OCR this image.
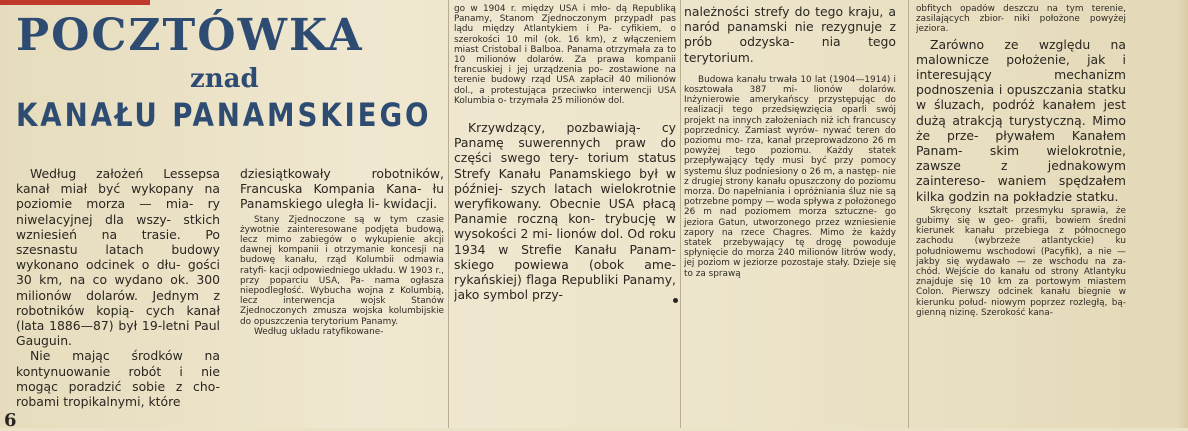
POCZTÓWKA
znad
KANAŁU PANAMSKIEGO

Według założeń Lessepsa kanał miał być wykopany na poziomie morza — mia- ry niwelacyjnej dla wszy- stkich wzniesień na trasie. Po szesnastu latach budowy wykonano odcinek o dłu- gości 30 km, na co wydano ok. 300 milionów dolarów. Jednym z robotników kopią- cych kanał (lata 1886—87) był 19-letni Paul Gauguin.

Nie mając środków na kontynuowanie robót i nie mogąc poradzić sobie z cho- robami tropikalnymi, które

dziesiątkowały robotników, Francuska Kompania Kana- łu Panamskiego uległa li- kwidacji.

Stany Zjednoczone są w tym czasie żywotnie zainteresowane podjęta budową, lecz mimo zabiegów o wykupienie akcji dawnej kompanii i otrzymanie koncesji na budowę kanału, rząd Kolumbii odmawia ratyfi- kacji odpowiedniego układu. W 1903 r., przy poparciu USA, Pa- nama ogłasza niepodległość. Wybucha wojna z Kolumbią, lecz interwencja wojsk Stanów Zjednoczonych zmusza wojska kolumbijskie do opuszczenia terytorium Panamy.

Według układu ratyfikowane-

go w 1904 r. między USA i mło- dą Republiką Panamy, Stanom Zjednoczonym przypadł pas lądu między Atlantykiem i Pa- cyfikiem, o szerokości 10 mil (ok. 16 km), z włączeniem miast Cristobal i Balboa. Panama otrzymała za to 10 milionów dolarów. Za prawa kompanii francuskiej i jej urządzenia po- zostawione na terenie budowy rząd USA zapłacił 40 milionów dol., a protestująca przeciwko interwencji USA Kolumbia o- trzymała 25 milionów dol.

Krzywdzący, pozbawiają- cy Panamę suwerennych praw do części swego tery- torium status Strefy Kanału Panamskiego był w później- szych latach wielokrotnie weryfikowany. Obecnie USA płacą Panamie roczną kon- trybucję w wysokości 2 mi- lionów dol. Od roku 1934 w Strefie Kanału Panam- skiego powiewa (obok ame- rykańskiej) flaga Republiki Panamy, jako symbol przy-

należności strefy do tego kraju, a naród panamski nie rezygnuje z prób odzyska- nia tego terytorium.

Budowa kanału trwała 10 lat (1904—1914) i kosztowała 387 mi- lionów dolarów. Inżynierowie amerykańscy przystępując do realizacji tego przedsięwzięcia oparli swój projekt na innych założeniach niż ich francuscy poprzednicy. Zamiast wyrów- nywać teren do poziomu mo- rza, kanał przeprowadzono 26 m powyżej tego poziomu. Każdy statek przepływający tędy musi być przy pomocy systemu śluz podniesiony o 26 m, a następ- nie z drugiej strony kanału opuszczony do poziomu morza. Do napełniania i opróżniania śluz nie są potrzebne pompy — woda spływa z położonego 26 m nad poziomem morza sztuczne- go jeziora Gatun, utworzonego przez wzniesienie zapory na rzece Chagres. Mimo że każdy statek przebywający tę drogę powoduje spłynięcie do morza 240 milionów litrów wody, jej poziom w jeziorze pozostaje stały. Dzieje się to za sprawą

obfitych opadów deszczu na tym terenie, zasilających zbior- niki położone powyżej jeziora.

Zarówno ze względu na malownicze położenie, jak i interesujący mechanizm podnoszenia i opuszczania statku w śluzach, podróż kanałem jest dużą atrakcją turystyczną. Mimo że prze- pływałem Kanałem Panam- skim wielokrotnie, zawsze z jednakowym zaintereso- waniem spędzałem kilka godzin na pokładzie statku.

Skręcony kształt przesmyku sprawia, że gubimy się w geo- grafii, bowiem średni kierunek kanału przebiega z północnego zachodu (wybrzeże atlantyckie) ku południowemu wschodowi (Pacyfik), a nie — jakby się wydawało — ze wschodu na za- chód. Wejście do kanału od strony Atlantyku znajduje się 10 km za portowym miastem Colon. Pierwszy odcinek kanału biegnie w kierunku połud- niowym poprzez rozległą, bą- gienną nizinę. Szerokość kana-

6
